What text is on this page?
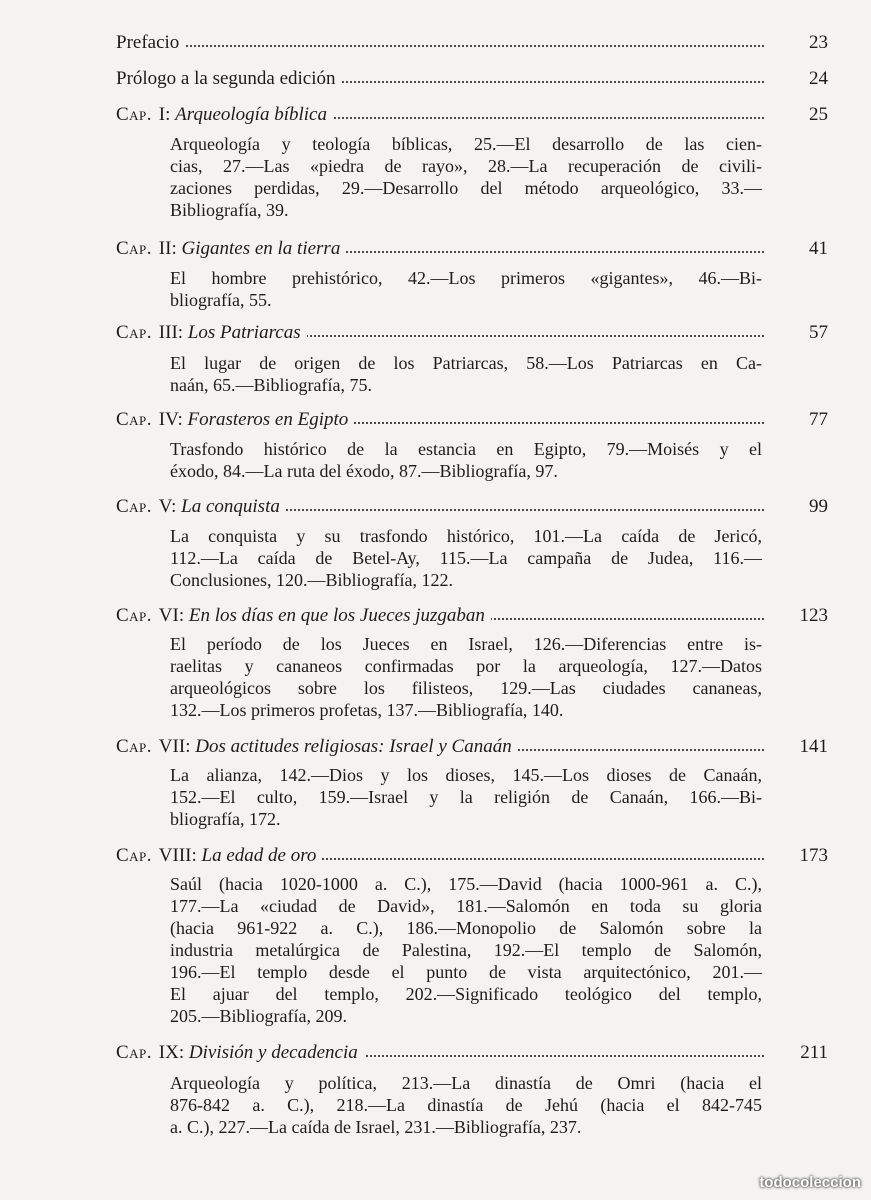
Prefacio	23
Prólogo a la segunda edición	24
Cap. I: Arqueología bíblica	25
Arqueología y teología bíblicas, 25.—El desarrollo de las cien-
cias, 27.—Las «piedra de rayo», 28.—La recuperación de civili-
zaciones perdidas, 29.—Desarrollo del método arqueológico, 33.—
Bibliografía, 39.
Cap. II: Gigantes en la tierra	41
El hombre prehistórico, 42.—Los primeros «gigantes», 46.—Bi-
bliografía, 55.
Cap. III: Los Patriarcas	57
El lugar de origen de los Patriarcas, 58.—Los Patriarcas en Ca-
naán, 65.—Bibliografía, 75.
Cap. IV: Forasteros en Egipto	77
Trasfondo histórico de la estancia en Egipto, 79.—Moisés y el
éxodo, 84.—La ruta del éxodo, 87.—Bibliografía, 97.
Cap. V: La conquista	99
La conquista y su trasfondo histórico, 101.—La caída de Jericó,
112.—La caída de Betel-Ay, 115.—La campaña de Judea, 116.—
Conclusiones, 120.—Bibliografía, 122.
Cap. VI: En los días en que los Jueces juzgaban	123
El período de los Jueces en Israel, 126.—Diferencias entre is-
raelitas y cananeos confirmadas por la arqueología, 127.—Datos
arqueológicos sobre los filisteos, 129.—Las ciudades cananeas,
132.—Los primeros profetas, 137.—Bibliografía, 140.
Cap. VII: Dos actitudes religiosas: Israel y Canaán	141
La alianza, 142.—Dios y los dioses, 145.—Los dioses de Canaán,
152.—El culto, 159.—Israel y la religión de Canaán, 166.—Bi-
bliografía, 172.
Cap. VIII: La edad de oro	173
Saúl (hacia 1020-1000 a. C.), 175.—David (hacia 1000-961 a. C.),
177.—La «ciudad de David», 181.—Salomón en toda su gloria
(hacia 961-922 a. C.), 186.—Monopolio de Salomón sobre la
industria metalúrgica de Palestina, 192.—El templo de Salomón,
196.—El templo desde el punto de vista arquitectónico, 201.—
El ajuar del templo, 202.—Significado teológico del templo,
205.—Bibliografía, 209.
Cap. IX: División y decadencia	211
Arqueología y política, 213.—La dinastía de Omri (hacia el
876-842 a. C.), 218.—La dinastía de Jehú (hacia el 842-745
a. C.), 227.—La caída de Israel, 231.—Bibliografía, 237.
todocoleccion
